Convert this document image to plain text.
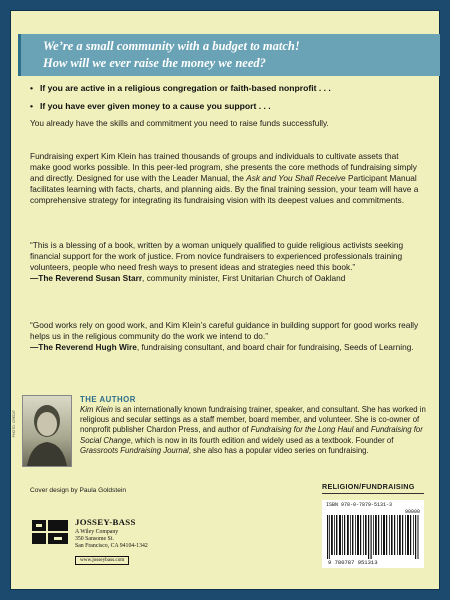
We’re a small community with a budget to match!
How will we ever raise the money we need?
• If you are active in a religious congregation or faith-based nonprofit . . .
• If you have ever given money to a cause you support . . .

You already have the skills and commitment you need to raise funds successfully.

Fundraising expert Kim Klein has trained thousands of groups and individuals to cultivate assets that make good works possible. In this peer-led program, she presents the core methods of fundraising simply and directly. Designed for use with the Leader Manual, the Ask and You Shall Receive Participant Manual facilitates learning with facts, charts, and planning aids. By the final training session, your team will have a comprehensive strategy for integrating its fundraising vision with its deepest values and commitments.

“This is a blessing of a book, written by a woman uniquely qualified to guide religious activists seeking financial support for the work of justice. From novice fundraisers to experienced professionals training volunteers, people who need fresh ways to present ideas and strategies need this book.”

—The Reverend Susan Starr, community minister, First Unitarian Church of Oakland

“Good works rely on good work, and Kim Klein’s careful guidance in building support for good works really helps us in the religious community do the work we intend to do.”

—The Reverend Hugh Wire, fundraising consultant, and board chair for fundraising, Seeds of Learning.

PHOTO: CREDIT
THE AUTHOR

Kim Klein is an internationally known fundraising trainer, speaker, and consultant. She has worked in religious and secular settings as a staff member, board member, and volunteer. She is co-owner of nonprofit publisher Chardon Press, and author of Fundraising for the Long Haul and Fundraising for Social Change, which is now in its fourth edition and widely used as a textbook. Founder of Grassroots Fundraising Journal, she also has a popular video series on fundraising.

Cover design by Paula Goldstein	RELIGION/FUNDRAISING
ISBN 978-0-7879-5131-3
90000
9 780787 951313
JOSSEY-BASS
A Wiley Company
350 Sansome St.
San Francisco, CA 94104-1342
www.josseybass.com
